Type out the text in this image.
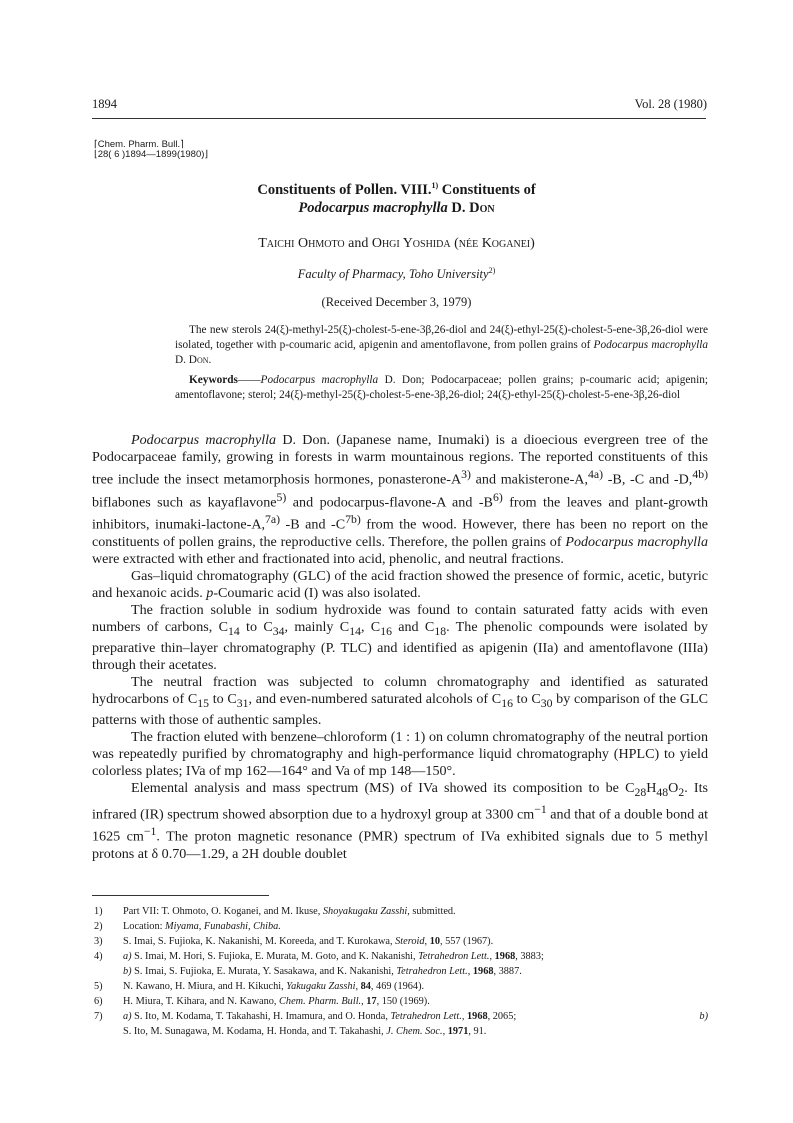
1894	Vol. 28 (1980)
⌈Chem. Pharm. Bull.⌉
⌊28( 6 )1894—1899(1980)⌋
Constituents of Pollen. VIII.$^{1)}$ Constituents of
Podocarpus macrophylla D. Don
Taichi Ohmoto and Ohgi Yoshida (née Koganei)
Faculty of Pharmacy, Toho University$^{2)}$
(Received December 3, 1979)

The new sterols 24(ξ)-methyl-25(ξ)-cholest-5-ene-3β,26-diol and 24(ξ)-ethyl-25(ξ)-cholest-5-ene-3β,26-diol were isolated, together with p-coumaric acid, apigenin and amentoflavone, from pollen grains of Podocarpus macrophylla D. Don.

Keywords——Podocarpus macrophylla D. Don; Podocarpaceae; pollen grains; p-coumaric acid; apigenin; amentoflavone; sterol; 24(ξ)-methyl-25(ξ)-cholest-5-ene-3β,26-diol; 24(ξ)-ethyl-25(ξ)-cholest-5-ene-3β,26-diol

Podocarpus macrophylla D. Don. (Japanese name, Inumaki) is a dioecious evergreen tree of the Podocarpaceae family, growing in forests in warm mountainous regions. The reported constituents of this tree include the insect metamorphosis hormones, ponasterone-$A^{3)}$ and makisterone-A,$^{4a)}$ -B, -C and -D,$^{4b)}$ biflabones such as kayaflavone$^{5)}$ and podocarpus-flavone-A and $-B^{6)}$ from the leaves and plant-growth inhibitors, inumaki-lactone-A,$^{7a)}$ -B and $-C^{7b)}$ from the wood. However, there has been no report on the constituents of pollen grains, the reproductive cells. Therefore, the pollen grains of Podocarpus macrophylla were extracted with ether and fractionated into acid, phenolic, and neutral fractions.

Gas–liquid chromatography (GLC) of the acid fraction showed the presence of formic, acetic, butyric and hexanoic acids. p-Coumaric acid (I) was also isolated.

The fraction soluble in sodium hydroxide was found to contain saturated fatty acids with even numbers of carbons, $C_{14}$ to $C_{34}$, mainly $C_{14}$, $C_{16}$ and $C_{18}$. The phenolic compounds were isolated by preparative thin–layer chromatography (P. TLC) and identified as apigenin (IIa) and amentoflavone (IIIa) through their acetates.

The neutral fraction was subjected to column chromatography and identified as saturated hydrocarbons of $C_{15}$ to $C_{31}$, and even-numbered saturated alcohols of $C_{16}$ to $C_{30}$ by comparison of the GLC patterns with those of authentic samples.

The fraction eluted with benzene–chloroform (1 : 1) on column chromatography of the neutral portion was repeatedly purified by chromatography and high-performance liquid chromatography (HPLC) to yield colorless plates; IVa of mp 162—164° and Va of mp 148—150°.

Elemental analysis and mass spectrum (MS) of IVa showed its composition to be $C_{28}H_{48}O_2$. Its infrared (IR) spectrum showed absorption due to a hydroxyl group at 3300 $cm^{-1}$ and that of a double bond at 1625 $cm^{-1}$. The proton magnetic resonance (PMR) spectrum of IVa exhibited signals due to 5 methyl protons at δ 0.70—1.29, a 2H double doublet

1) Part VII: T. Ohmoto, O. Koganei, and M. Ikuse, Shoyakugaku Zasshi, submitted.
2) Location: Miyama, Funabashi, Chiba.
3) S. Imai, S. Fujioka, K. Nakanishi, M. Koreeda, and T. Kurokawa, Steroid, 10, 557 (1967).
4) a) S. Imai, M. Hori, S. Fujioka, E. Murata, M. Goto, and K. Nakanishi, Tetrahedron Lett., 1968, 3883;
b) S. Imai, S. Fujioka, E. Murata, Y. Sasakawa, and K. Nakanishi, Tetrahedron Lett., 1968, 3887.
5) N. Kawano, H. Miura, and H. Kikuchi, Yakugaku Zasshi, 84, 469 (1964).
6) H. Miura, T. Kihara, and N. Kawano, Chem. Pharm. Bull., 17, 150 (1969).
7) a) S. Ito, M. Kodama, T. Takahashi, H. Imamura, and O. Honda, Tetrahedron Lett., 1968, 2065;	b)
S. Ito, M. Sunagawa, M. Kodama, H. Honda, and T. Takahashi, J. Chem. Soc., 1971, 91.
